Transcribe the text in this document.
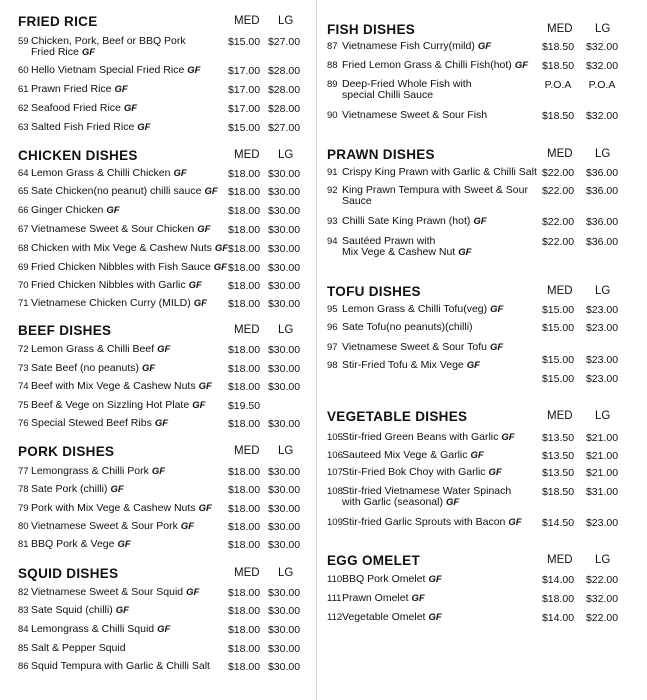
FRIED RICE	MED LG
59 Chicken, Pork, Beef or BBQ Pork
Fried Rice GF
$15.00 $27.00
60 Hello Vietnam Special Fried Rice GF	$17.00 $28.00
61 Prawn Fried Rice GF	$17.00 $28.00
62 Seafood Fried Rice GF	$17.00 $28.00
63 Salted Fish Fried Rice GF	$15.00 $27.00
CHICKEN DISHES	MED LG
64 Lemon Grass & Chilli Chicken GF	$18.00 $30.00
65 Sate Chicken(no peanut) chilli sauce GF $18.00 $30.00
66 Ginger Chicken GF	$18.00 $30.00
67 Vietnamese Sweet & Sour Chicken GF $18.00 $30.00
68 Chicken with Mix Vege & Cashew Nuts GF $18.00 $30.00
69 Fried Chicken Nibbles with Fish Sauce GF $18.00 $30.00
70 Fried Chicken Nibbles with Garlic GF $18.00 $30.00
71 Vietnamese Chicken Curry (MILD) GF $18.00 $30.00
BEEF DISHES	MED LG
72 Lemon Grass & Chilli Beef GF	$18.00 $30.00
73 Sate Beef (no peanuts) GF	$18.00 $30.00
74 Beef with Mix Vege & Cashew Nuts GF $18.00 $30.00
75 Beef & Vege on Sizzling Hot Plate GF $19.50
76 Special Stewed Beef Ribs GF	$18.00 $30.00
PORK DISHES	MED LG
77 Lemongrass & Chilli Pork GF	$18.00 $30.00
78 Sate Pork (chilli) GF	$18.00 $30.00
79 Pork with Mix Vege & Cashew Nuts GF $18.00 $30.00
80 Vietnamese Sweet & Sour Pork GF	$18.00 $30.00
81 BBQ Pork & Vege GF	$18.00 $30.00
SQUID DISHES	MED LG
82 Vietnamese Sweet & Sour Squid GF	$18.00 $30.00
83 Sate Squid (chilli) GF	$18.00 $30.00
84 Lemongrass & Chilli Squid GF	$18.00 $30.00
85 Salt & Pepper Squid	$18.00 $30.00
86 Squid Tempura with Garlic & Chilli Salt $18.00 $30.00
FISH DISHES	MED LG
87 Vietnamese Fish Curry(mild) GF	$18.50 $32.00
88 Fried Lemon Grass & Chilli Fish(hot) GF $18.50 $32.00
89 Deep-Fried Whole Fish with
special Chilli Sauce
P.O.A	P.O.A
90 Vietnamese Sweet & Sour Fish	$18.50 $32.00
PRAWN DISHES	MED LG
91 Crispy King Prawn with Garlic & Chilli Salt $22.00 $36.00
92 King Prawn Tempura with Sweet & Sour
Sauce
$22.00 $36.00
93 Chilli Sate King Prawn (hot) GF	$22.00 $36.00
94 Sautéed Prawn with
Mix Vege & Cashew Nut GF
$22.00 $36.00
TOFU DISHES	MED LG
95 Lemon Grass & Chilli Tofu(veg) GF	$15.00 $23.00
96 Sate Tofu(no peanuts)(chilli)	$15.00 $23.00
97 Vietnamese Sweet & Sour Tofu GF
$15.00 $23.00
98 Stir-Fried Tofu & Mix Vege GF
$15.00 $23.00
VEGETABLE DISHES	MED LG
105 Stir-fried Green Beans with Garlic GF	$13.50 $21.00
106 Sauteed Mix Vege & Garlic GF	$13.50 $21.00
107 Stir-Fried Bok Choy with Garlic GF	$13.50 $21.00
108 Stir-fried Vietnamese Water Spinach
with Garlic (seasonal) GF
$18.50 $31.00
109 Stir-fried Garlic Sprouts with Bacon GF $14.50 $23.00
EGG OMELET	MED LG
110 BBQ Pork Omelet GF	$14.00 $22.00
111 Prawn Omelet GF	$18.00 $32.00
112 Vegetable Omelet GF	$14.00 $22.00
